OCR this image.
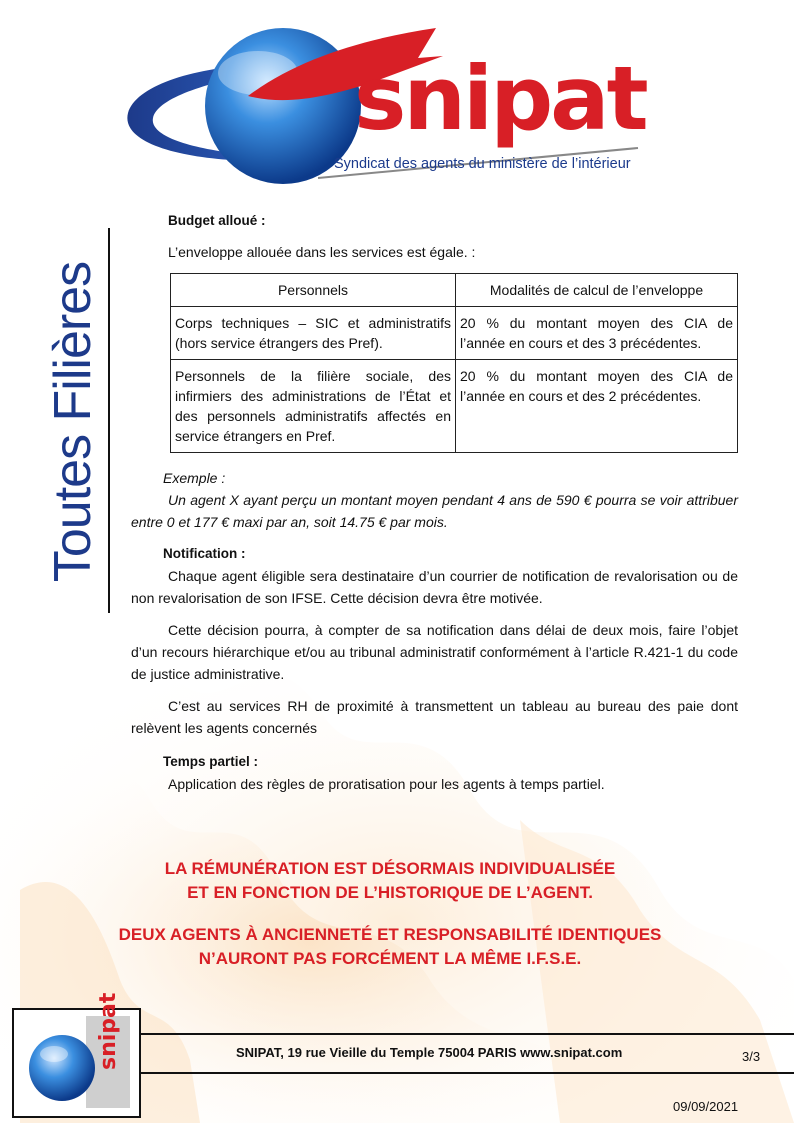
snipat
Syndicat des agents du ministère de l’intérieur
Toutes Filières
Budget alloué :

L’enveloppe allouée dans les services est égale. :

Personnels	Modalités de calcul de l’enveloppe
Corps techniques – SIC et administratifs (hors service étrangers des Pref).	20 % du montant moyen des CIA de l’année en cours et des 3 précédentes.
Personnels de la filière sociale, des infirmiers des administrations de l’État et des personnels administratifs affectés en service étrangers en Pref.	20 % du montant moyen des CIA de l’année en cours et des 2 précédentes.
Exemple :

Un agent X ayant perçu un montant moyen pendant 4 ans de 590 € pourra se voir attribuer entre 0 et 177 € maxi par an, soit 14.75 € par mois.

Notification :

Chaque agent éligible sera destinataire d’un courrier de notification de revalorisation ou de non revalorisation de son IFSE. Cette décision devra être motivée.

Cette décision pourra, à compter de sa notification dans délai de deux mois, faire l’objet d’un recours hiérarchique et/ou au tribunal administratif conformément à l’article R.421-1 du code de justice administrative.

C’est au services RH de proximité à transmettent un tableau au bureau des paie dont relèvent les agents concernés

Temps partiel :

Application des règles de proratisation pour les agents à temps partiel.

LA RÉMUNÉRATION EST DÉSORMAIS INDIVIDUALISÉE
ET EN FONCTION DE L’HISTORIQUE DE L’AGENT.
DEUX AGENTS À ANCIENNETÉ ET RESPONSABILITÉ IDENTIQUES
N’AURONT PAS FORCÉMENT LA MÊME I.F.S.E.
SNIPAT, 19 rue Vieille du Temple 75004 PARIS www.snipat.com	3/3
09/09/2021
